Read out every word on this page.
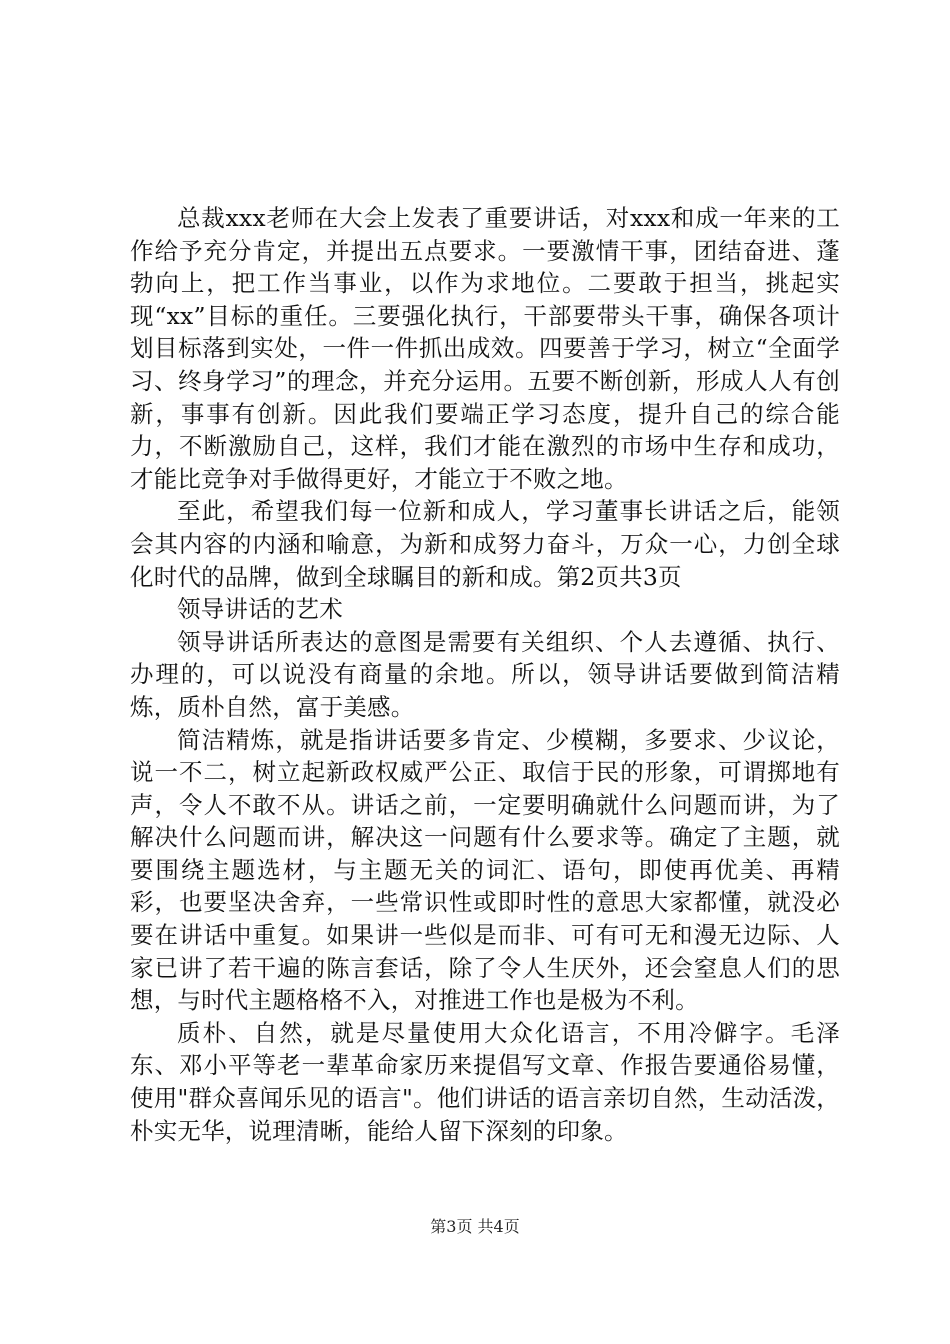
总裁xxx老师在大会上发表了重要讲话，对xxx和成一年来的工作给予充分肯定，并提出五点要求。一要激情干事，团结奋进、蓬勃向上，把工作当事业，以作为求地位。二要敢于担当，挑起实现“xx”目标的重任。三要强化执行，干部要带头干事，确保各项计划目标落到实处，一件一件抓出成效。四要善于学习，树立“全面学习、终身学习”的理念，并充分运用。五要不断创新，形成人人有创新，事事有创新。因此我们要端正学习态度，提升自己的综合能力，不断激励自己，这样，我们才能在激烈的市场中生存和成功，才能比竞争对手做得更好，才能立于不败之地。

至此，希望我们每一位新和成人，学习董事长讲话之后，能领会其内容的内涵和喻意，为新和成努力奋斗，万众一心，力创全球化时代的品牌，做到全球瞩目的新和成。第2页共3页

领导讲话的艺术

领导讲话所表达的意图是需要有关组织、个人去遵循、执行、办理的，可以说没有商量的余地。所以，领导讲话要做到简洁精炼，质朴自然，富于美感。

简洁精炼，就是指讲话要多肯定、少模糊，多要求、少议论，说一不二，树立起新政权威严公正、取信于民的形象，可谓掷地有声，令人不敢不从。讲话之前，一定要明确就什么问题而讲，为了解决什么问题而讲，解决这一问题有什么要求等。确定了主题，就要围绕主题选材，与主题无关的词汇、语句，即使再优美、再精彩，也要坚决舍弃，一些常识性或即时性的意思大家都懂，就没必要在讲话中重复。如果讲一些似是而非、可有可无和漫无边际、人家已讲了若干遍的陈言套话，除了令人生厌外，还会窒息人们的思想，与时代主题格格不入，对推进工作也是极为不利。

质朴、自然，就是尽量使用大众化语言，不用冷僻字。毛泽东、邓小平等老一辈革命家历来提倡写文章、作报告要通俗易懂，使用"群众喜闻乐见的语言"。他们讲话的语言亲切自然，生动活泼，朴实无华，说理清晰，能给人留下深刻的印象。

第3页 共4页
